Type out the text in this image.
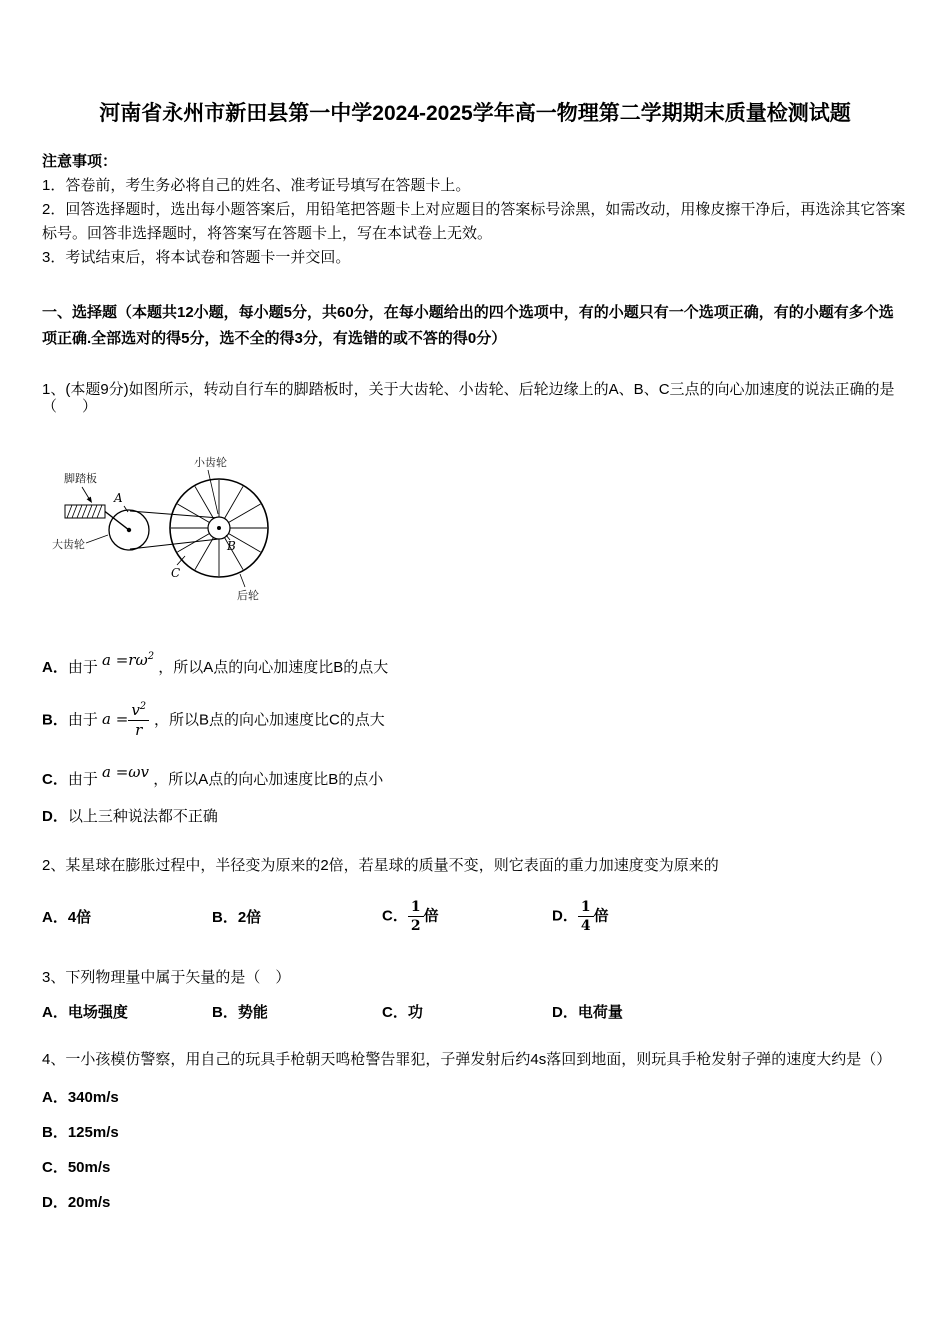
河南省永州市新田县第一中学2024-2025学年高一物理第二学期期末质量检测试题
注意事项：
1．答卷前，考生务必将自己的姓名、准考证号填写在答题卡上。
2．回答选择题时，选出每小题答案后，用铅笔把答题卡上对应题目的答案标号涂黑，如需改动，用橡皮擦干净后，再选涂其它答案标号。回答非选择题时，将答案写在答题卡上，写在本试卷上无效。
3．考试结束后，将本试卷和答题卡一并交回。
一、选择题（本题共12小题，每小题5分，共60分，在每小题给出的四个选项中，有的小题只有一个选项正确，有的小题有多个选项正确.全部选对的得5分，选不全的得3分，有选错的或不答的得0分）
1、(本题9分)如图所示，转动自行车的脚踏板时，关于大齿轮、小齿轮、后轮边缘上的A、B、C三点的向心加速度的说法正确的是（      ）
脚踏板
A
大齿轮
小齿轮
B
C
后轮
A．由于 $a =r\omega^2$ ，所以A点的向心加速度比B的点大
B．由于 $a = \frac{v^2}{r}$ ，所以B点的向心加速度比C的点大
C．由于 a =ωv ，所以A点的向心加速度比B的点小
D．以上三种说法都不正确
2、某星球在膨胀过程中，半径变为原来的2倍，若星球的质量不变，则它表面的重力加速度变为原来的
A．4倍	B．2倍	C． $\frac{1}{2}$ 倍	D． $\frac{1}{4}$ 倍
3、下列物理量中属于矢量的是（　）
A．电场强度	B．势能	C．功	D．电荷量
4、一小孩模仿警察，用自己的玩具手枪朝天鸣枪警告罪犯，子弹发射后约4s落回到地面，则玩具手枪发射子弹的速度大约是（）
A．340m/s
B．125m/s
C．50m/s
D．20m/s
